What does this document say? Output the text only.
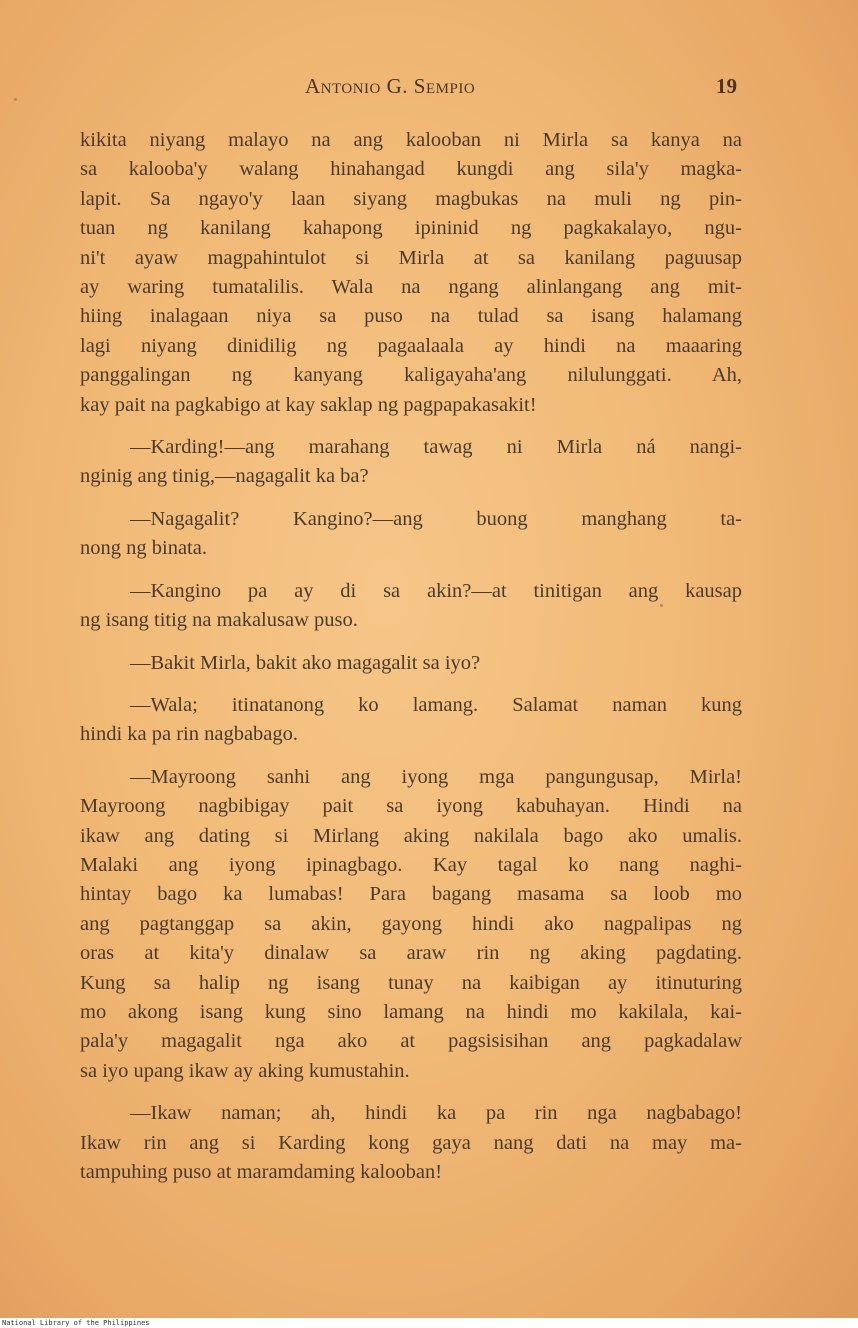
Antonio G. Sempio	19

kikita niyang malayo na ang kalooban ni Mirla sa kanya na
sa kalooba'y walang hinahangad kungdi ang sila'y magka-
lapit. Sa ngayo'y laan siyang magbukas na muli ng pin-
tuan ng kanilang kahapong ipininid ng pagkakalayo, ngu-
ni't ayaw magpahintulot si Mirla at sa kanilang paguusap
ay waring tumatalilis. Wala na ngang alinlangang ang mit-
hiing inalagaan niya sa puso na tulad sa isang halamang
lagi niyang dinidilig ng pagaalaala ay hindi na maaaring
panggalingan ng kanyang kaligayaha'ang nilulunggati. Ah,
kay pait na pagkabigo at kay saklap ng pagpapakasakit!

—Karding!—ang marahang tawag ni Mirla ná nangi-
nginig ang tinig,—nagagalit ka ba?

—Nagagalit? Kangino?—ang buong manghang ta-
nong ng binata.

—Kangino pa ay di sa akin?—at tinitigan ang kausap
ng isang titig na makalusaw puso.

—Bakit Mirla, bakit ako magagalit sa iyo?

—Wala; itinatanong ko lamang. Salamat naman kung
hindi ka pa rin nagbabago.

—Mayroong sanhi ang iyong mga pangungusap, Mirla!
Mayroong nagbibigay pait sa iyong kabuhayan. Hindi na
ikaw ang dating si Mirlang aking nakilala bago ako umalis.
Malaki ang iyong ipinagbago. Kay tagal ko nang naghi-
hintay bago ka lumabas! Para bagang masama sa loob mo
ang pagtanggap sa akin, gayong hindi ako nagpalipas ng
oras at kita'y dinalaw sa araw rin ng aking pagdating.
Kung sa halip ng isang tunay na kaibigan ay itinuturing
mo akong isang kung sino lamang na hindi mo kakilala, kai-
pala'y magagalit nga ako at pagsisisihan ang pagkadalaw
sa iyo upang ikaw ay aking kumustahin.

—Ikaw naman; ah, hindi ka pa rin nga nagbabago!
Ikaw rin ang si Karding kong gaya nang dati na may ma-
tampuhing puso at maramdaming kalooban!

National Library of the Philippines
